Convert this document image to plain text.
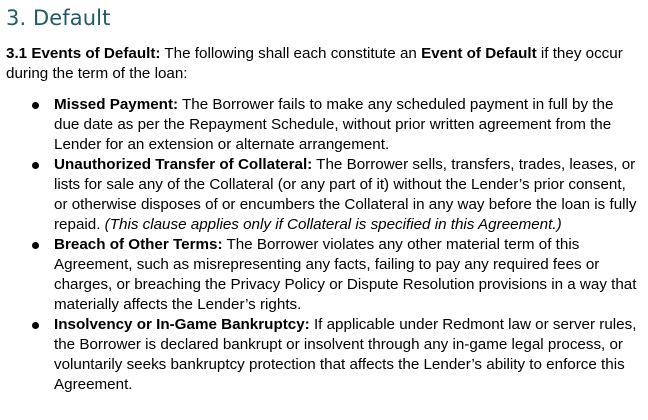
3. Default

3.1 Events of Default: The following shall each constitute an Event of Default if they occur during the term of the loan:

Missed Payment: The Borrower fails to make any scheduled payment in full by the due date as per the Repayment Schedule, without prior written agreement from the Lender for an extension or alternate arrangement.
Unauthorized Transfer of Collateral: The Borrower sells, transfers, trades, leases, or lists for sale any of the Collateral (or any part of it) without the Lender’s prior consent, or otherwise disposes of or encumbers the Collateral in any way before the loan is fully repaid. (This clause applies only if Collateral is specified in this Agreement.)
Breach of Other Terms: The Borrower violates any other material term of this Agreement, such as misrepresenting any facts, failing to pay any required fees or charges, or breaching the Privacy Policy or Dispute Resolution provisions in a way that materially affects the Lender’s rights.
Insolvency or In-Game Bankruptcy: If applicable under Redmont law or server rules, the Borrower is declared bankrupt or insolvent through any in-game legal process, or voluntarily seeks bankruptcy protection that affects the Lender’s ability to enforce this Agreement.
